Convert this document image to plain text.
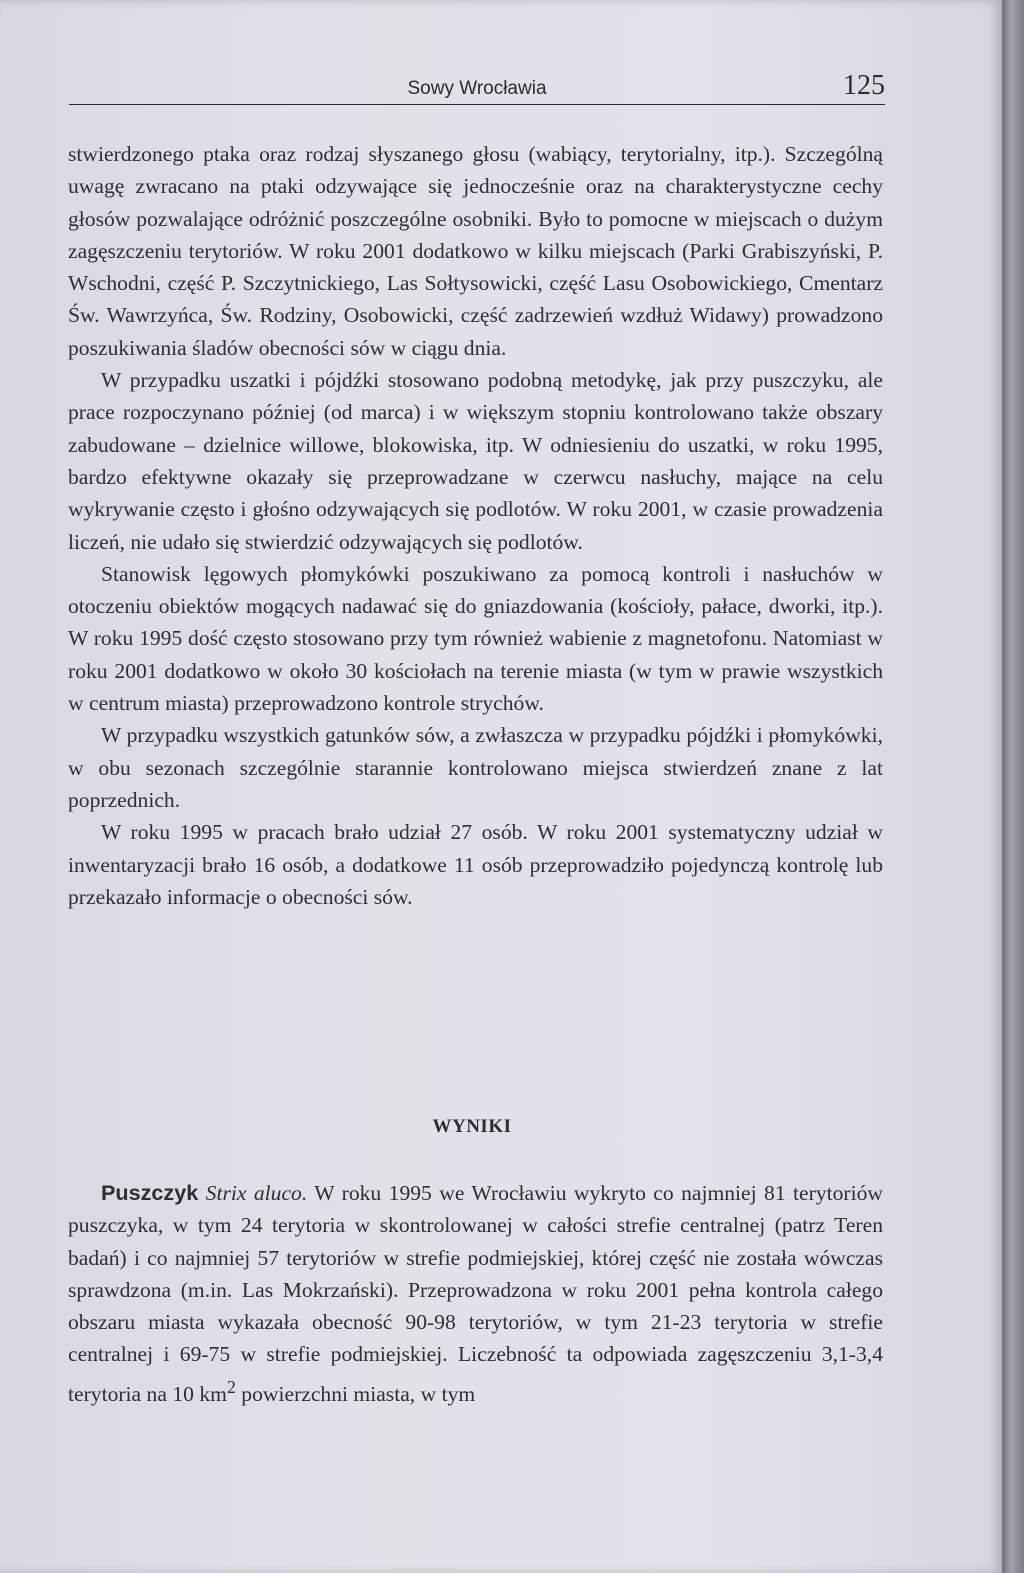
Sowy Wrocławia	125

stwierdzonego ptaka oraz rodzaj słyszanego głosu (wabiący, terytorialny, itp.). Szczególną uwagę zwracano na ptaki odzywające się jednocześnie oraz na charakterystyczne cechy głosów pozwalające odróżnić poszczególne osobniki. Było to pomocne w miejscach o dużym zagęszczeniu terytoriów. W roku 2001 dodatkowo w kilku miejscach (Parki Grabiszyński, P. Wschodni, część P. Szczytnickiego, Las Sołtysowicki, część Lasu Osobowickiego, Cmentarz Św. Wawrzyńca, Św. Rodziny, Osobowicki, część zadrzewień wzdłuż Widawy) prowadzono poszukiwania śladów obecności sów w ciągu dnia.

W przypadku uszatki i pójdźki stosowano podobną metodykę, jak przy puszczyku, ale prace rozpoczynano później (od marca) i w większym stopniu kontrolowano także obszary zabudowane – dzielnice willowe, blokowiska, itp. W odniesieniu do uszatki, w roku 1995, bardzo efektywne okazały się przeprowadzane w czerwcu nasłuchy, mające na celu wykrywanie często i głośno odzywających się podlotów. W roku 2001, w czasie prowadzenia liczeń, nie udało się stwierdzić odzywających się podlotów.

Stanowisk lęgowych płomykówki poszukiwano za pomocą kontroli i nasłuchów w otoczeniu obiektów mogących nadawać się do gniazdowania (kościoły, pałace, dworki, itp.). W roku 1995 dość często stosowano przy tym również wabienie z magnetofonu. Natomiast w roku 2001 dodatkowo w około 30 kościołach na terenie miasta (w tym w prawie wszystkich w centrum miasta) przeprowadzono kontrole strychów.

W przypadku wszystkich gatunków sów, a zwłaszcza w przypadku pójdźki i płomykówki, w obu sezonach szczególnie starannie kontrolowano miejsca stwierdzeń znane z lat poprzednich.

W roku 1995 w pracach brało udział 27 osób. W roku 2001 systematyczny udział w inwentaryzacji brało 16 osób, a dodatkowe 11 osób przeprowadziło pojedynczą kontrolę lub przekazało informacje o obecności sów.

WYNIKI

Puszczyk Strix aluco. W roku 1995 we Wrocławiu wykryto co najmniej 81 terytoriów puszczyka, w tym 24 terytoria w skontrolowanej w całości strefie centralnej (patrz Teren badań) i co najmniej 57 terytoriów w strefie podmiejskiej, której część nie została wówczas sprawdzona (m.in. Las Mokrzański). Przeprowadzona w roku 2001 pełna kontrola całego obszaru miasta wykazała obecność 90-98 terytoriów, w tym 21-23 terytoria w strefie centralnej i 69-75 w strefie podmiejskiej. Liczebność ta odpowiada zagęszczeniu 3,1-3,4 terytoria na 10 $km^2$ powierzchni miasta, w tym
